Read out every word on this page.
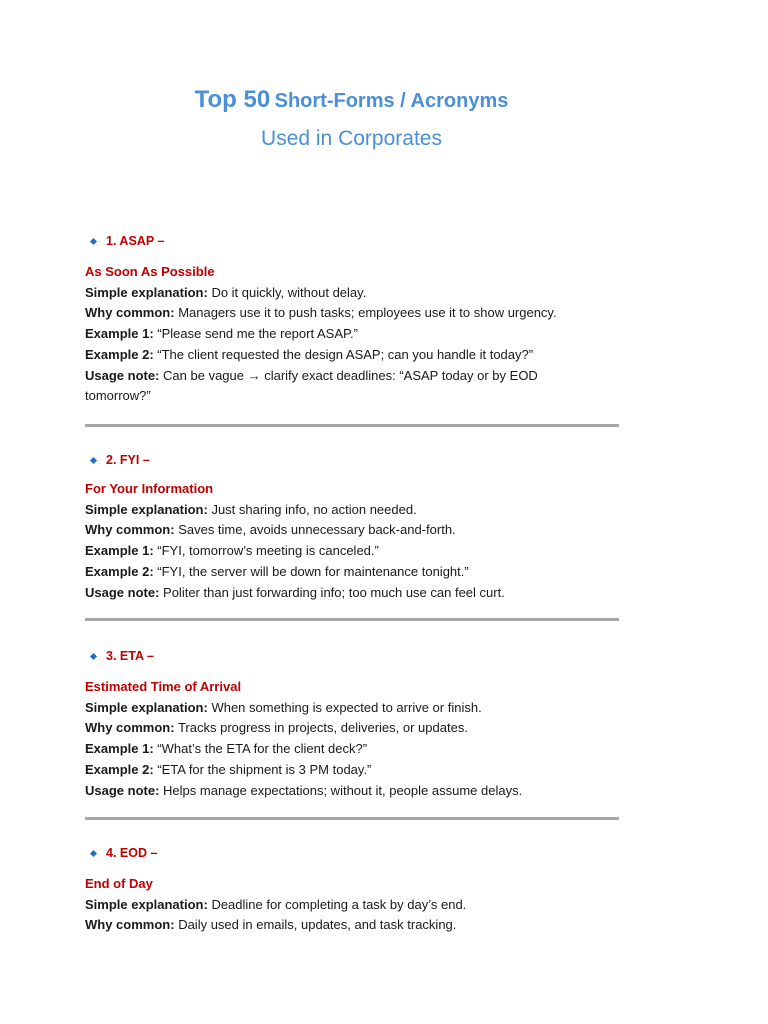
Top 50 Short-Forms / Acronyms
Used in Corporates
1. ASAP –
As Soon As Possible
Simple explanation: Do it quickly, without delay.
Why common: Managers use it to push tasks; employees use it to show urgency.
Example 1: “Please send me the report ASAP.”
Example 2: “The client requested the design ASAP; can you handle it today?”
Usage note: Can be vague → clarify exact deadlines: “ASAP today or by EOD tomorrow?”
2. FYI –
For Your Information
Simple explanation: Just sharing info, no action needed.
Why common: Saves time, avoids unnecessary back-and-forth.
Example 1: “FYI, tomorrow’s meeting is canceled.”
Example 2: “FYI, the server will be down for maintenance tonight.”
Usage note: Politer than just forwarding info; too much use can feel curt.
3. ETA –
Estimated Time of Arrival
Simple explanation: When something is expected to arrive or finish.
Why common: Tracks progress in projects, deliveries, or updates.
Example 1: “What’s the ETA for the client deck?”
Example 2: “ETA for the shipment is 3 PM today.”
Usage note: Helps manage expectations; without it, people assume delays.
4. EOD –
End of Day
Simple explanation: Deadline for completing a task by day’s end.
Why common: Daily used in emails, updates, and task tracking.
